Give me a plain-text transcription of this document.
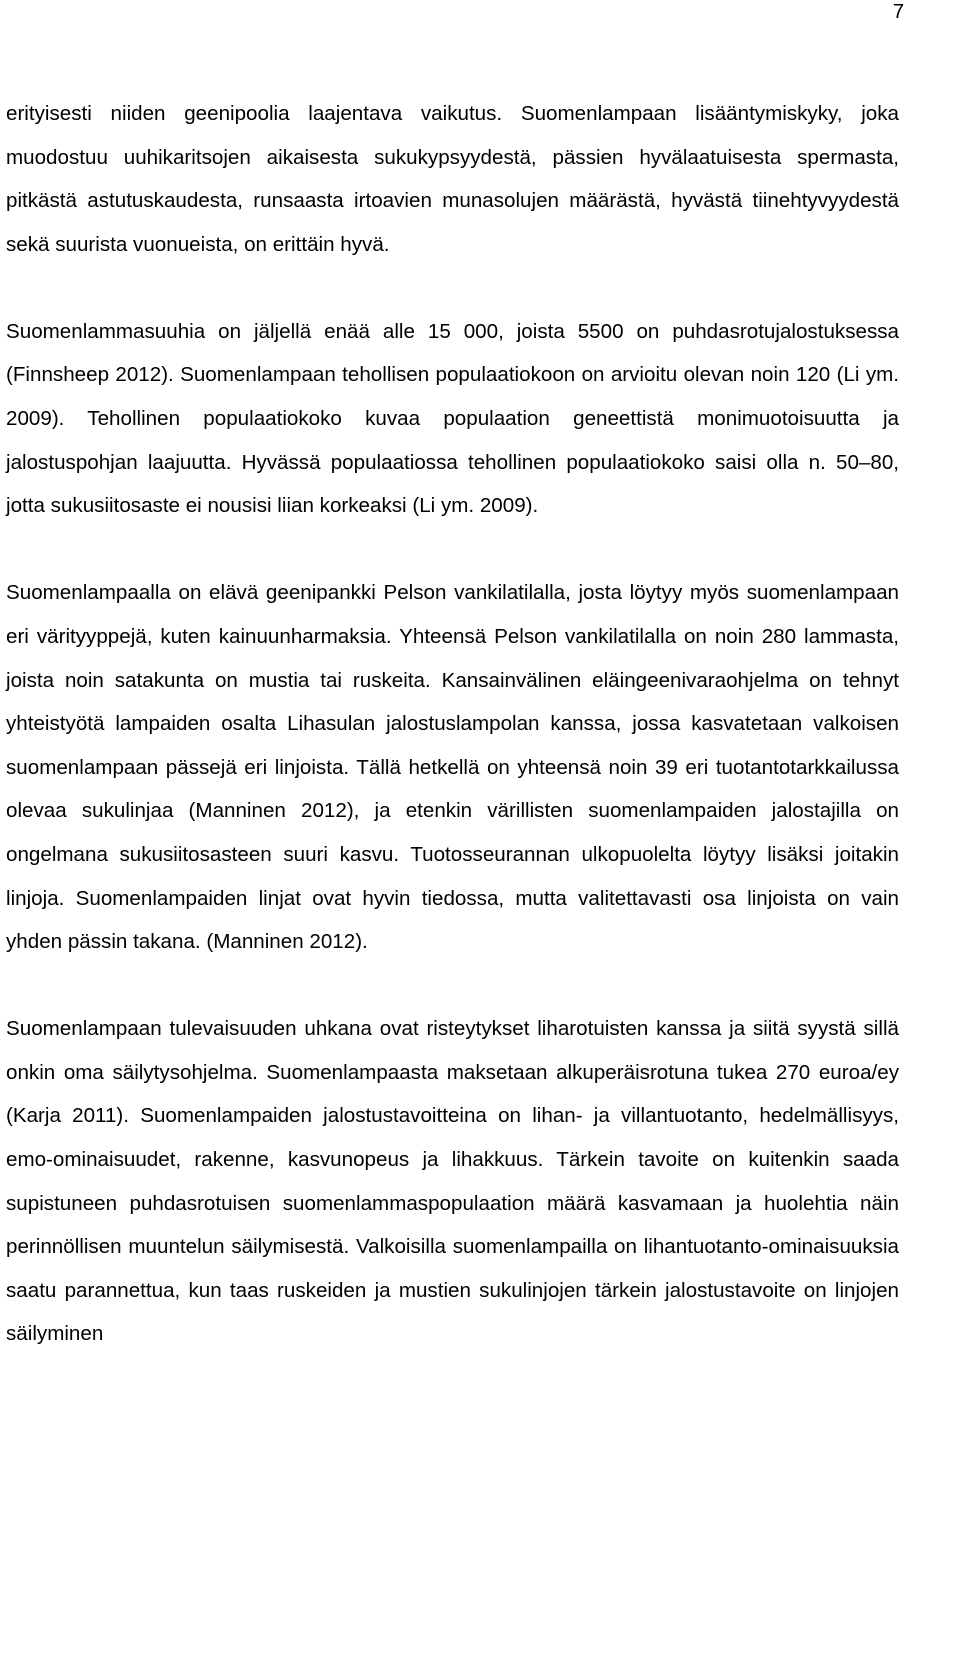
7

erityisesti niiden geenipoolia laajentava vaikutus. Suomenlampaan lisääntymiskyky, joka muodostuu uuhikaritsojen aikaisesta sukukypsyydestä, pässien hyvälaatuisesta spermasta, pitkästä astutuskaudesta, runsaasta irtoavien munasolujen määrästä, hyvästä tiinehtyvyydestä sekä suurista vuonueista, on erittäin hyvä.

Suomenlammasuuhia on jäljellä enää alle 15 000, joista 5500 on puhdasrotujalostuksessa (Finnsheep 2012). Suomenlampaan tehollisen populaatiokoon on arvioitu olevan noin 120 (Li ym. 2009). Tehollinen populaatiokoko kuvaa populaation geneettistä monimuotoisuutta ja jalostuspohjan laajuutta. Hyvässä populaatiossa tehollinen populaatiokoko saisi olla n. 50–80, jotta sukusiitosaste ei nousisi liian korkeaksi (Li ym. 2009).

Suomenlampaalla on elävä geenipankki Pelson vankilatilalla, josta löytyy myös suomenlampaan eri värityyppejä, kuten kainuunharmaksia. Yhteensä Pelson vankilatilalla on noin 280 lammasta, joista noin satakunta on mustia tai ruskeita. Kansainvälinen eläingeenivaraohjelma on tehnyt yhteistyötä lampaiden osalta Lihasulan jalostuslampolan kanssa, jossa kasvatetaan valkoisen suomenlampaan pässejä eri linjoista. Tällä hetkellä on yhteensä noin 39 eri tuotantotarkkailussa olevaa sukulinjaa (Manninen 2012), ja etenkin värillisten suomenlampaiden jalostajilla on ongelmana sukusiitosasteen suuri kasvu. Tuotosseurannan ulkopuolelta löytyy lisäksi joitakin linjoja. Suomenlampaiden linjat ovat hyvin tiedossa, mutta valitettavasti osa linjoista on vain yhden pässin takana. (Manninen 2012).

Suomenlampaan tulevaisuuden uhkana ovat risteytykset liharotuisten kanssa ja siitä syystä sillä onkin oma säilytysohjelma. Suomenlampaasta maksetaan alkuperäisrotuna tukea 270 euroa/ey (Karja 2011). Suomenlampaiden jalostustavoitteina on lihan- ja villantuotanto, hedelmällisyys, emo-ominaisuudet, rakenne, kasvunopeus ja lihakkuus. Tärkein tavoite on kuitenkin saada supistuneen puhdasrotuisen suomenlammaspopulaation määrä kasvamaan ja huolehtia näin perinnöllisen muuntelun säilymisestä. Valkoisilla suomenlampailla on lihantuotanto-ominaisuuksia saatu parannettua, kun taas ruskeiden ja mustien sukulinjojen tärkein jalostustavoite on linjojen säilyminen
